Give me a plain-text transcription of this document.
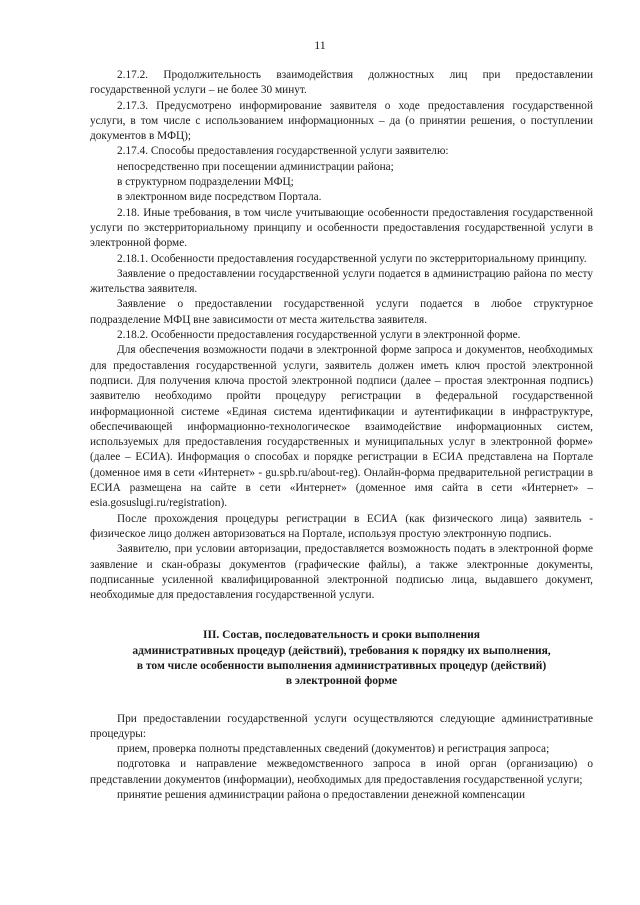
11

2.17.2. Продолжительность взаимодействия должностных лиц при предоставлении государственной услуги – не более 30 минут.

2.17.3. Предусмотрено информирование заявителя о ходе предоставления государственной услуги, в том числе с использованием информационных – да (о принятии решения, о поступлении документов в МФЦ);

2.17.4. Способы предоставления государственной услуги заявителю:

непосредственно при посещении администрации района;

в структурном подразделении МФЦ;

в электронном виде посредством Портала.

2.18. Иные требования, в том числе учитывающие особенности предоставления государственной услуги по экстерриториальному принципу и особенности предоставления государственной услуги в электронной форме.

2.18.1. Особенности предоставления государственной услуги по экстерриториальному принципу.

Заявление о предоставлении государственной услуги подается в администрацию района по месту жительства заявителя.

Заявление о предоставлении государственной услуги подается в любое структурное подразделение МФЦ вне зависимости от места жительства заявителя.

2.18.2. Особенности предоставления государственной услуги в электронной форме.

Для обеспечения возможности подачи в электронной форме запроса и документов, необходимых для предоставления государственной услуги, заявитель должен иметь ключ простой электронной подписи. Для получения ключа простой электронной подписи (далее – простая электронная подпись) заявителю необходимо пройти процедуру регистрации в федеральной государственной информационной системе «Единая система идентификации и аутентификации в инфраструктуре, обеспечивающей информационно-технологическое взаимодействие информационных систем, используемых для предоставления государственных и муниципальных услуг в электронной форме» (далее – ЕСИА). Информация о способах и порядке регистрации в ЕСИА представлена на Портале (доменное имя в сети «Интернет» - gu.spb.ru/about-reg). Онлайн-форма предварительной регистрации в ЕСИА размещена на сайте в сети «Интернет» (доменное имя сайта в сети «Интернет» – esia.gosuslugi.ru/registration).

После прохождения процедуры регистрации в ЕСИА (как физического лица) заявитель - физическое лицо должен авторизоваться на Портале, используя простую электронную подпись.

Заявителю, при условии авторизации, предоставляется возможность подать в электронной форме заявление и скан-образы документов (графические файлы), а также электронные документы, подписанные усиленной квалифицированной электронной подписью лица, выдавшего документ, необходимые для предоставления государственной услуги.

III. Состав, последовательность и сроки выполнения
административных процедур (действий), требования к порядку их выполнения,
в том числе особенности выполнения административных процедур (действий)
в электронной форме

При предоставлении государственной услуги осуществляются следующие административные процедуры:

прием, проверка полноты представленных сведений (документов) и регистрация запроса;

подготовка и направление межведомственного запроса в иной орган (организацию) о представлении документов (информации), необходимых для предоставления государственной услуги;

принятие решения администрации района о предоставлении денежной компенсации
